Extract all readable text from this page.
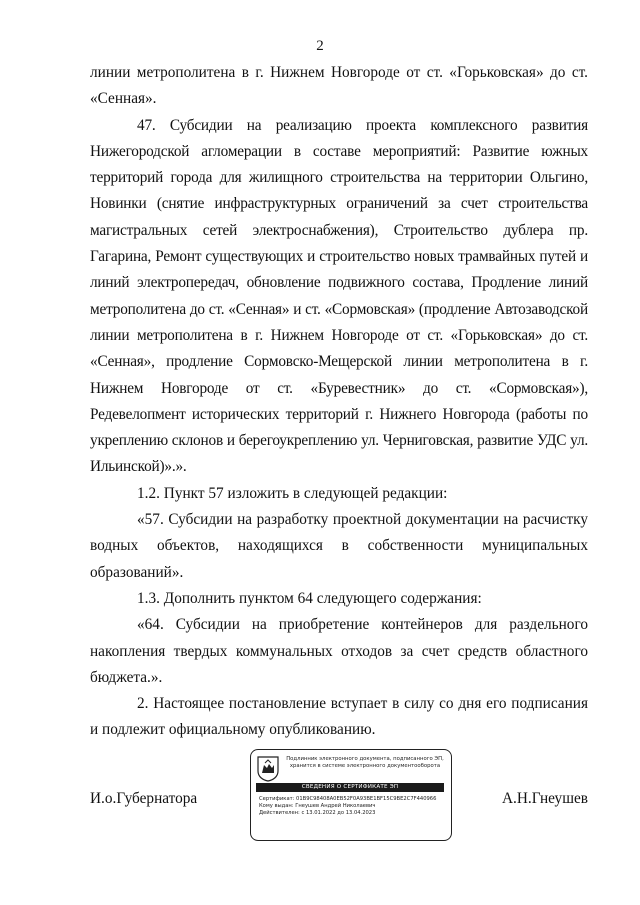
2

линии метрополитена в г. Нижнем Новгороде от ст. «Горьковская» до ст. «Сенная».

47. Субсидии на реализацию проекта комплексного развития Нижегородской агломерации в составе мероприятий: Развитие южных территорий города для жилищного строительства на территории Ольгино, Новинки (снятие инфраструктурных ограничений за счет строительства магистральных сетей электроснабжения), Строительство дублера пр. Гагарина, Ремонт существующих и строительство новых трамвайных путей и линий электропередач, обновление подвижного состава, Продление линий метрополитена до ст. «Сенная» и ст. «Сормовская» (продление Автозаводской линии метрополитена в г. Нижнем Новгороде от ст. «Горьковская» до ст. «Сенная», продление Сормовско-Мещерской линии метрополитена в г. Нижнем Новгороде от ст. «Буревестник» до ст. «Сормовская»), Редевелопмент исторических территорий г. Нижнего Новгорода (работы по укреплению склонов и берегоукреплению ул. Черниговская, развитие УДС ул. Ильинской)».».

1.2. Пункт 57 изложить в следующей редакции:

«57. Субсидии на разработку проектной документации на расчистку водных объектов, находящихся в собственности муниципальных образований».

1.3. Дополнить пунктом 64 следующего содержания:

«64. Субсидии на приобретение контейнеров для раздельного накопления твердых коммунальных отходов за счет средств областного бюджета.».

2. Настоящее постановление вступает в силу со дня его подписания и подлежит официальному опубликованию.

И.о.Губернатора	А.Н.Гнеушев
Подлинник электронного документа, подписанного ЭП,
хранится в системе электронного документооборота
СВЕДЕНИЯ О СЕРТИФИКАТЕ ЭП
Сертификат: 01B9C98408A0EB52F0A93BE1BF15C9BE2C7F440966
Кому выдан: Гнеушев Андрей Николаевич
Действителен: с 13.01.2022 до 13.04.2023
